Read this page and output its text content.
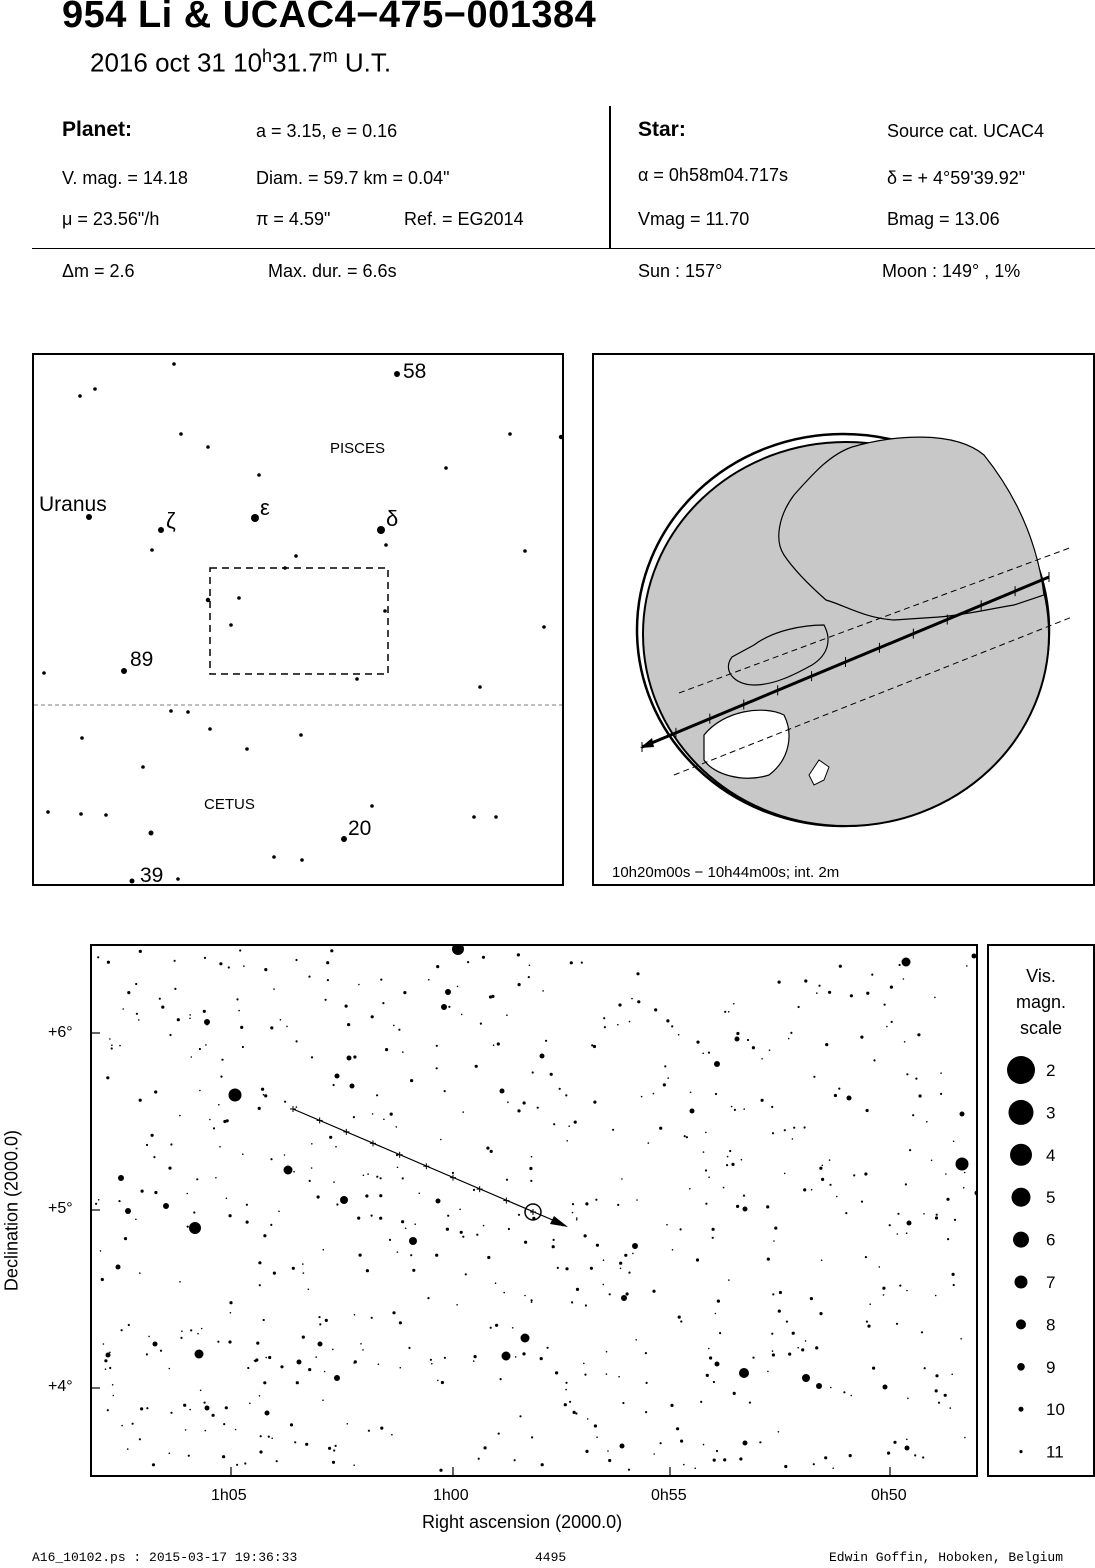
954 Li & UCAC4−475−001384
2016 oct 31 10$^h$31.7$^m$ U.T.
Planet:	a = 3.15, e = 0.16
V. mag. = 14.18	Diam. = 59.7 km = 0.04"
μ = 23.56"/h	π = 4.59"	Ref. = EG2014
Star:	Source cat. UCAC4
α = 0h58m04.717s	δ = + 4°59'39.92"
Vmag = 11.70	Bmag = 13.06
Δm = 2.6	Max. dur. = 6.6s	Sun : 157°	Moon : 149° , 1%
PISCES
CETUS
58
Uranus
ζ
ε	δ
89
20
39	10h20m00s − 10h44m00s; int. 2m
+6°
+5°
+4°
1h05	1h00	0h55	0h50
Right ascension (2000.0)
Declination (2000.0)
Vis.
magn.
scale
2
3
4
5
6
7
8
9
10
11
A16_10102.ps : 2015-03-17 19:36:33	4495	Edwin Goffin, Hoboken, Belgium
